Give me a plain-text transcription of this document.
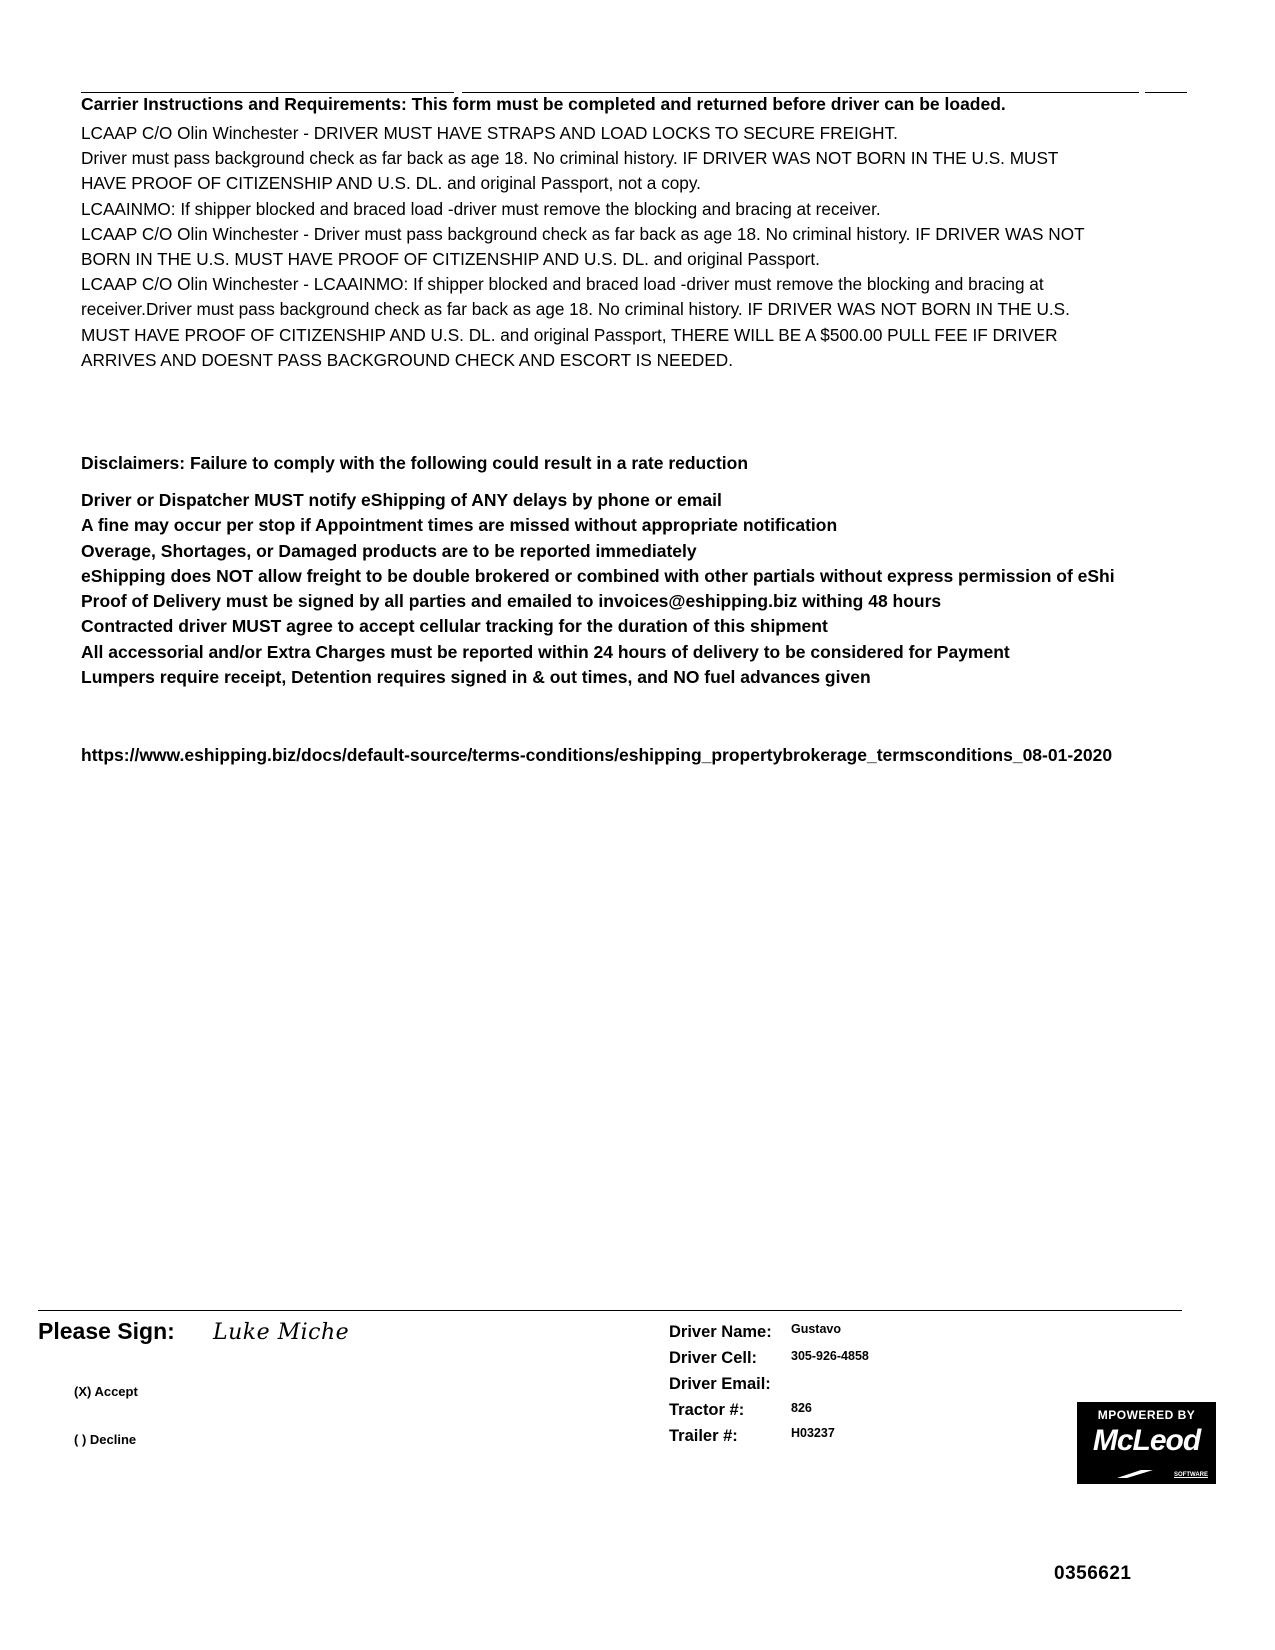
Carrier Instructions and Requirements: This form must be completed and returned before driver can be loaded.

LCAAP C/O Olin Winchester - DRIVER MUST HAVE STRAPS AND LOAD LOCKS TO SECURE FREIGHT.

Driver must pass background check as far back as age 18. No criminal history. IF DRIVER WAS NOT BORN IN THE U.S. MUST HAVE PROOF OF CITIZENSHIP AND U.S. DL. and original Passport, not a copy.

LCAAINMO: If shipper blocked and braced load -driver must remove the blocking and bracing at receiver.

LCAAP C/O Olin Winchester - Driver must pass background check as far back as age 18. No criminal history. IF DRIVER WAS NOT BORN IN THE U.S. MUST HAVE PROOF OF CITIZENSHIP AND U.S. DL. and original Passport.

LCAAP C/O Olin Winchester - LCAAINMO: If shipper blocked and braced load -driver must remove the blocking and bracing at receiver.Driver must pass background check as far back as age 18. No criminal history. IF DRIVER WAS NOT BORN IN THE U.S. MUST HAVE PROOF OF CITIZENSHIP AND U.S. DL. and original Passport, THERE WILL BE A $500.00 PULL FEE IF DRIVER ARRIVES AND DOESNT PASS BACKGROUND CHECK AND ESCORT IS NEEDED.

Disclaimers: Failure to comply with the following could result in a rate reduction
Driver or Dispatcher MUST notify eShipping of ANY delays by phone or email
A fine may occur per stop if Appointment times are missed without appropriate notification
Overage, Shortages, or Damaged products are to be reported immediately
eShipping does NOT allow freight to be double brokered or combined with other partials without express permission of eShi
Proof of Delivery must be signed by all parties and emailed to invoices@eshipping.biz withing 48 hours
Contracted driver MUST agree to accept cellular tracking for the duration of this shipment
All accessorial and/or Extra Charges must be reported within 24 hours of delivery to be considered for Payment
Lumpers require receipt, Detention requires signed in & out times, and NO fuel advances given
https://www.eshipping.biz/docs/default-source/terms-conditions/eshipping_propertybrokerage_termsconditions_08-01-2020
Please Sign: Luke Miche
(X) Accept
( ) Decline
Driver Name: Gustavo
Driver Cell:	305-926-4858
Driver Email:
Tractor #:	826
Trailer #:	H03237
MPOWERED BY
McLeod
SOFTWARE
0356621
